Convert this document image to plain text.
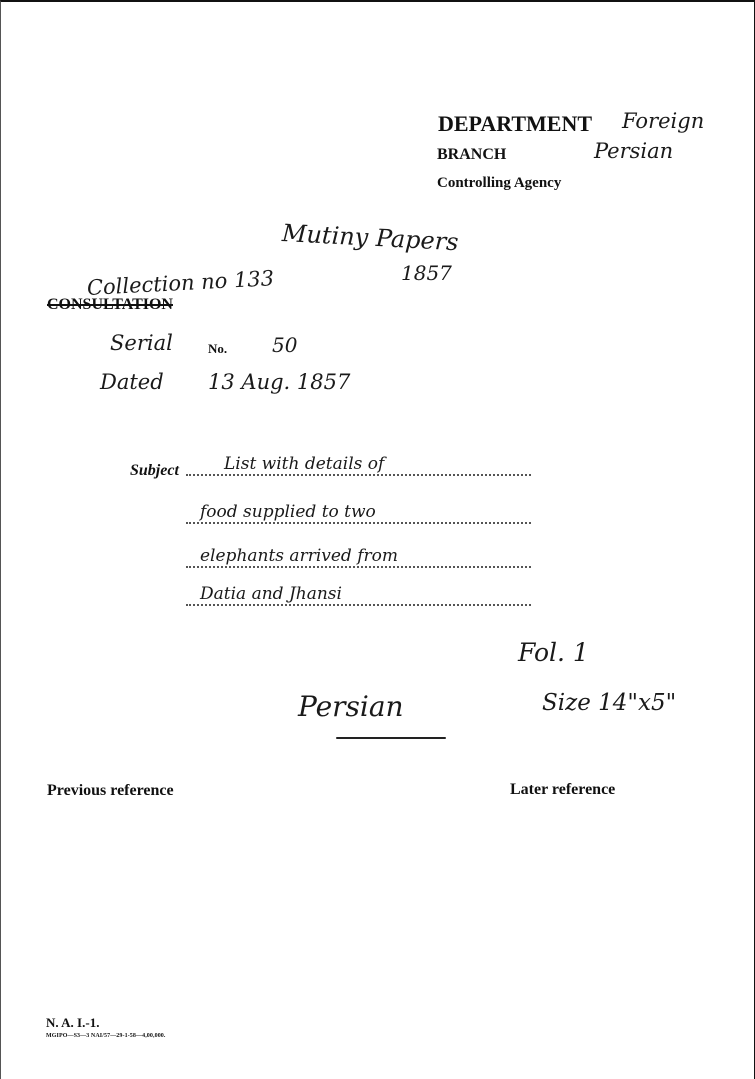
DEPARTMENT Foreign
BRANCH	Persian
Controlling Agency
Mutiny Papers
1857
Collection no 133
CONSULTATION
Serial	No. 50
Dated 13 Aug. 1857
Subject	List with details of
food supplied to two
elephants arrived from
Datia and Jhansi
Fol. 1
Persian	Size 14"x5"
Previous reference	Later reference
N. A. I.-1.
MGIPO—S3—3 NAI/57—29-1-58—4,00,000.
